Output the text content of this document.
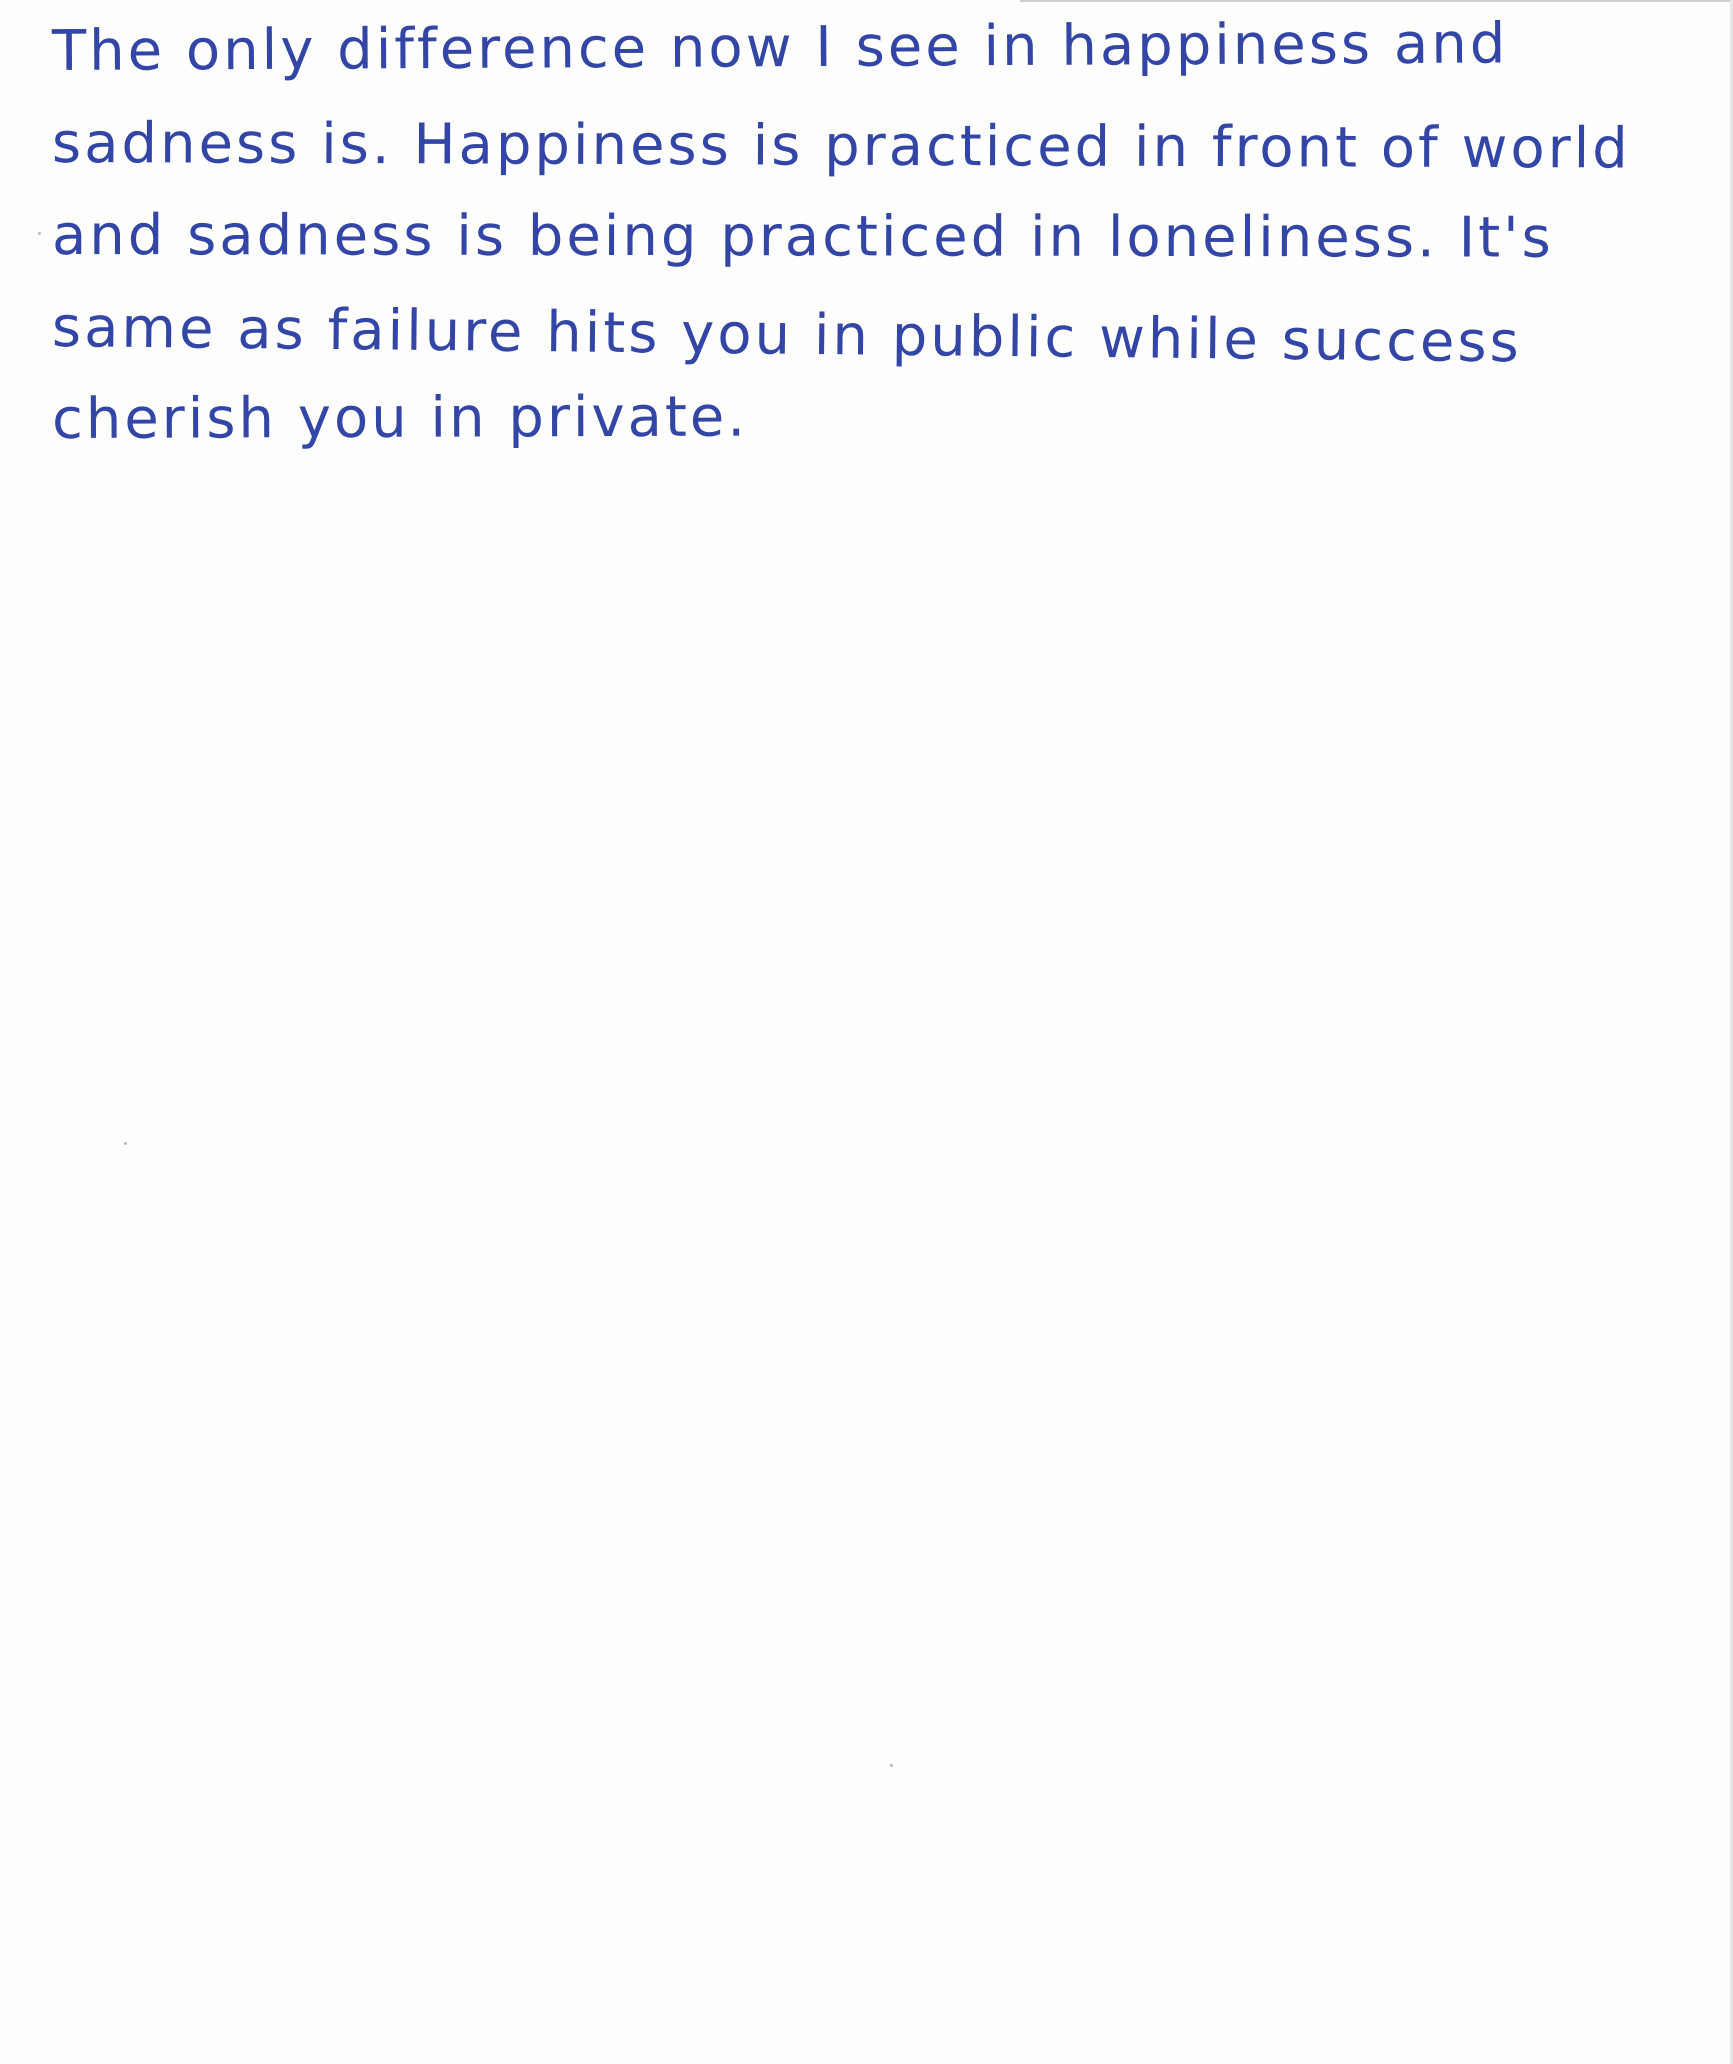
The only difference now I see in happiness and
sadness is. Happiness is practiced in front of world
and sadness is being practiced in loneliness. It's
same as failure hits you in public while success
cherish you in private.
